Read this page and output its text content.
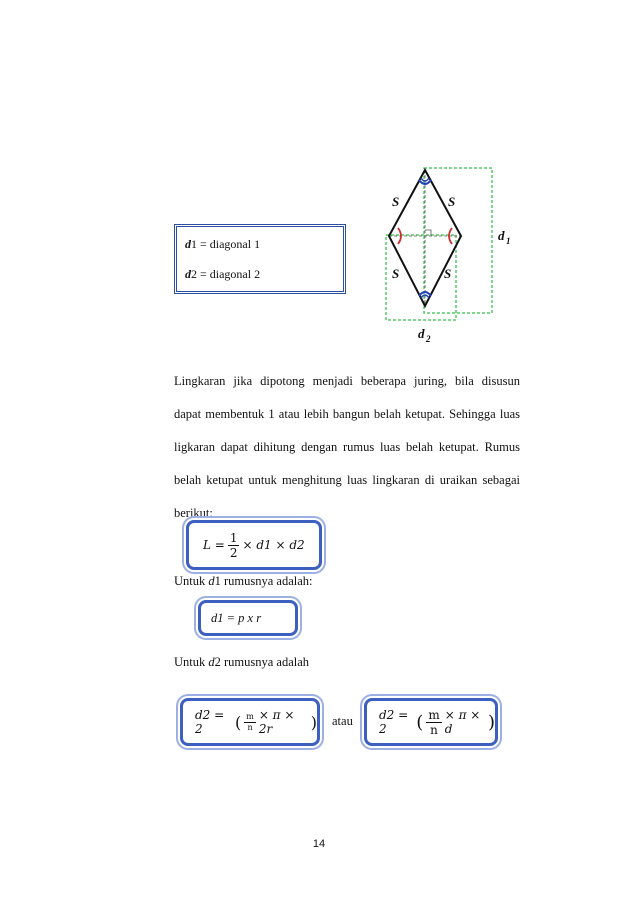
d1 = diagonal 1
d2 = diagonal 2
S	S
S	S
d 1
d 2
Lingkaran jika dipotong menjadi beberapa juring, bila disusun
dapat membentuk 1 atau lebih bangun belah ketupat. Sehingga luas
ligkaran dapat dihitung dengan rumus luas belah ketupat. Rumus
belah ketupat untuk menghitung luas lingkaran di uraikan sebagai
berikut:
$L = \frac{1}{2} \times d1 \times d2$
Untuk d1 rumusnya adalah:
d1 = p x r
Untuk d2 rumusnya adalah
d2 = 2	( $\frac{m}{n} \times \pi \times 2r$	) atau d2 = 2	( $\frac{m}{n} \times \pi \times d$	)
14
